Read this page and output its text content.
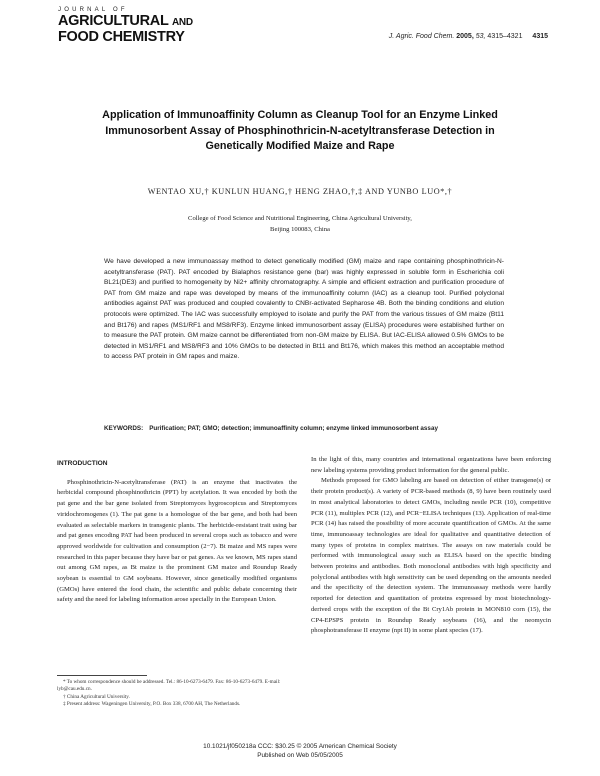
JOURNAL OF
AGRICULTURAL AND
FOOD CHEMISTRY	J. Agric. Food Chem. 2005, 53, 4315–4321 4315
Application of Immunoaffinity Column as Cleanup Tool for an Enzyme Linked Immunosorbent Assay of Phosphinothricin-N-acetyltransferase Detection in Genetically Modified Maize and Rape
WENTAO XU,† KUNLUN HUANG,† HENG ZHAO,†,‡ AND YUNBO LUO*,†
College of Food Science and Nutritional Engineering, China Agricultural University,
Beijing 100083, China

We have developed a new immunoassay method to detect genetically modified (GM) maize and rape containing phosphinothricin-N-acetyltransferase (PAT). PAT encoded by Bialaphos resistance gene (bar) was highly expressed in soluble form in Escherichia coli BL21(DE3) and purified to homogeneity by Ni2+ affinity chromatography. A simple and efficient extraction and purification procedure of PAT from GM maize and rape was developed by means of the immunoaffinity column (IAC) as a cleanup tool. Purified polyclonal antibodies against PAT was produced and coupled covalently to CNBr-activated Sepharose 4B. Both the binding conditions and elution protocols were optimized. The IAC was successfully employed to isolate and purify the PAT from the various tissues of GM maize (Bt11 and Bt176) and rapes (MS1/RF1 and MS8/RF3). Enzyme linked immunosorbent assay (ELISA) procedures were established further on to measure the PAT protein. GM maize cannot be differentiated from non-GM maize by ELISA. But IAC-ELISA allowed 0.5% GMOs to be detected in MS1/RF1 and MS8/RF3 and 10% GMOs to be detected in Bt11 and Bt176, which makes this method an acceptable method to access PAT protein in GM rapes and maize.

KEYWORDS: Purification; PAT; GMO; detection; immunoaffinity column; enzyme linked immunosorbent assay
INTRODUCTION

Phosphinothricin-N-acetyltransferase (PAT) is an enzyme that inactivates the herbicidal compound phosphinothricin (PPT) by acetylation. It was encoded by both the pat gene and the bar gene isolated from Streptomyces hygroscopicus and Streptomyces viridochromogenes (1). The pat gene is a homologue of the bar gene, and both had been evaluated as selectable markers in transgenic plants. The herbicide-resistant trait using bar and pat genes encoding PAT had been produced in several crops such as tobacco and were approved worldwide for cultivation and consumption (2−7). Bt maize and MS rapes were researched in this paper because they have bar or pat genes. As we known, MS rapes stand out among GM rapes, as Bt maize is the prominent GM maize and Roundup Ready soybean is essential to GM soybeans. However, since genetically modified organisms (GMOs) have entered the food chain, the scientific and public debate concerning their safety and the need for labeling information arose specially in the European Union.

In the light of this, many countries and international organizations have been enforcing new labeling systems providing product information for the general public.

Methods proposed for GMO labeling are based on detection of either transgene(s) or their protein product(s). A variety of PCR-based methods (8, 9) have been routinely used in most analytical laboratories to detect GMOs, including nestle PCR (10), competitive PCR (11), multiplex PCR (12), and PCR−ELISA techniques (13). Application of real-time PCR (14) has raised the possibility of more accurate quantification of GMOs. At the same time, immunoassay technologies are ideal for qualitative and quantitative detection of many types of proteins in complex matrixes. The assays on raw materials could be performed with immunological assay such as ELISA based on the specific binding between proteins and antibodies. Both monoclonal antibodies with high specificity and polyclonal antibodies with high sensitivity can be used depending on the amounts needed and the specificity of the detection system. The immunoassay methods were hardly reported for detection and quantitation of proteins expressed by most biotechnology-derived crops with the exception of the Bt Cry1Ab protein in MON810 corn (15), the CP4-EPSPS protein in Roundup Ready soybeans (16), and the neomycin phosphotransferase II enzyme (npt II) in some plant species (17).

* To whom correspondence should be addressed. Tel.: 86-10-6273-6479. Fax: 86-10-6273-6479. E-mail: lyb@cau.edu.cn.
† China Agricultural University.
‡ Present address: Wageningen University, P.O. Box 338, 6700 AH, The Netherlands.
10.1021/jf050218a CCC: $30.25 © 2005 American Chemical Society
Published on Web 05/05/2005
